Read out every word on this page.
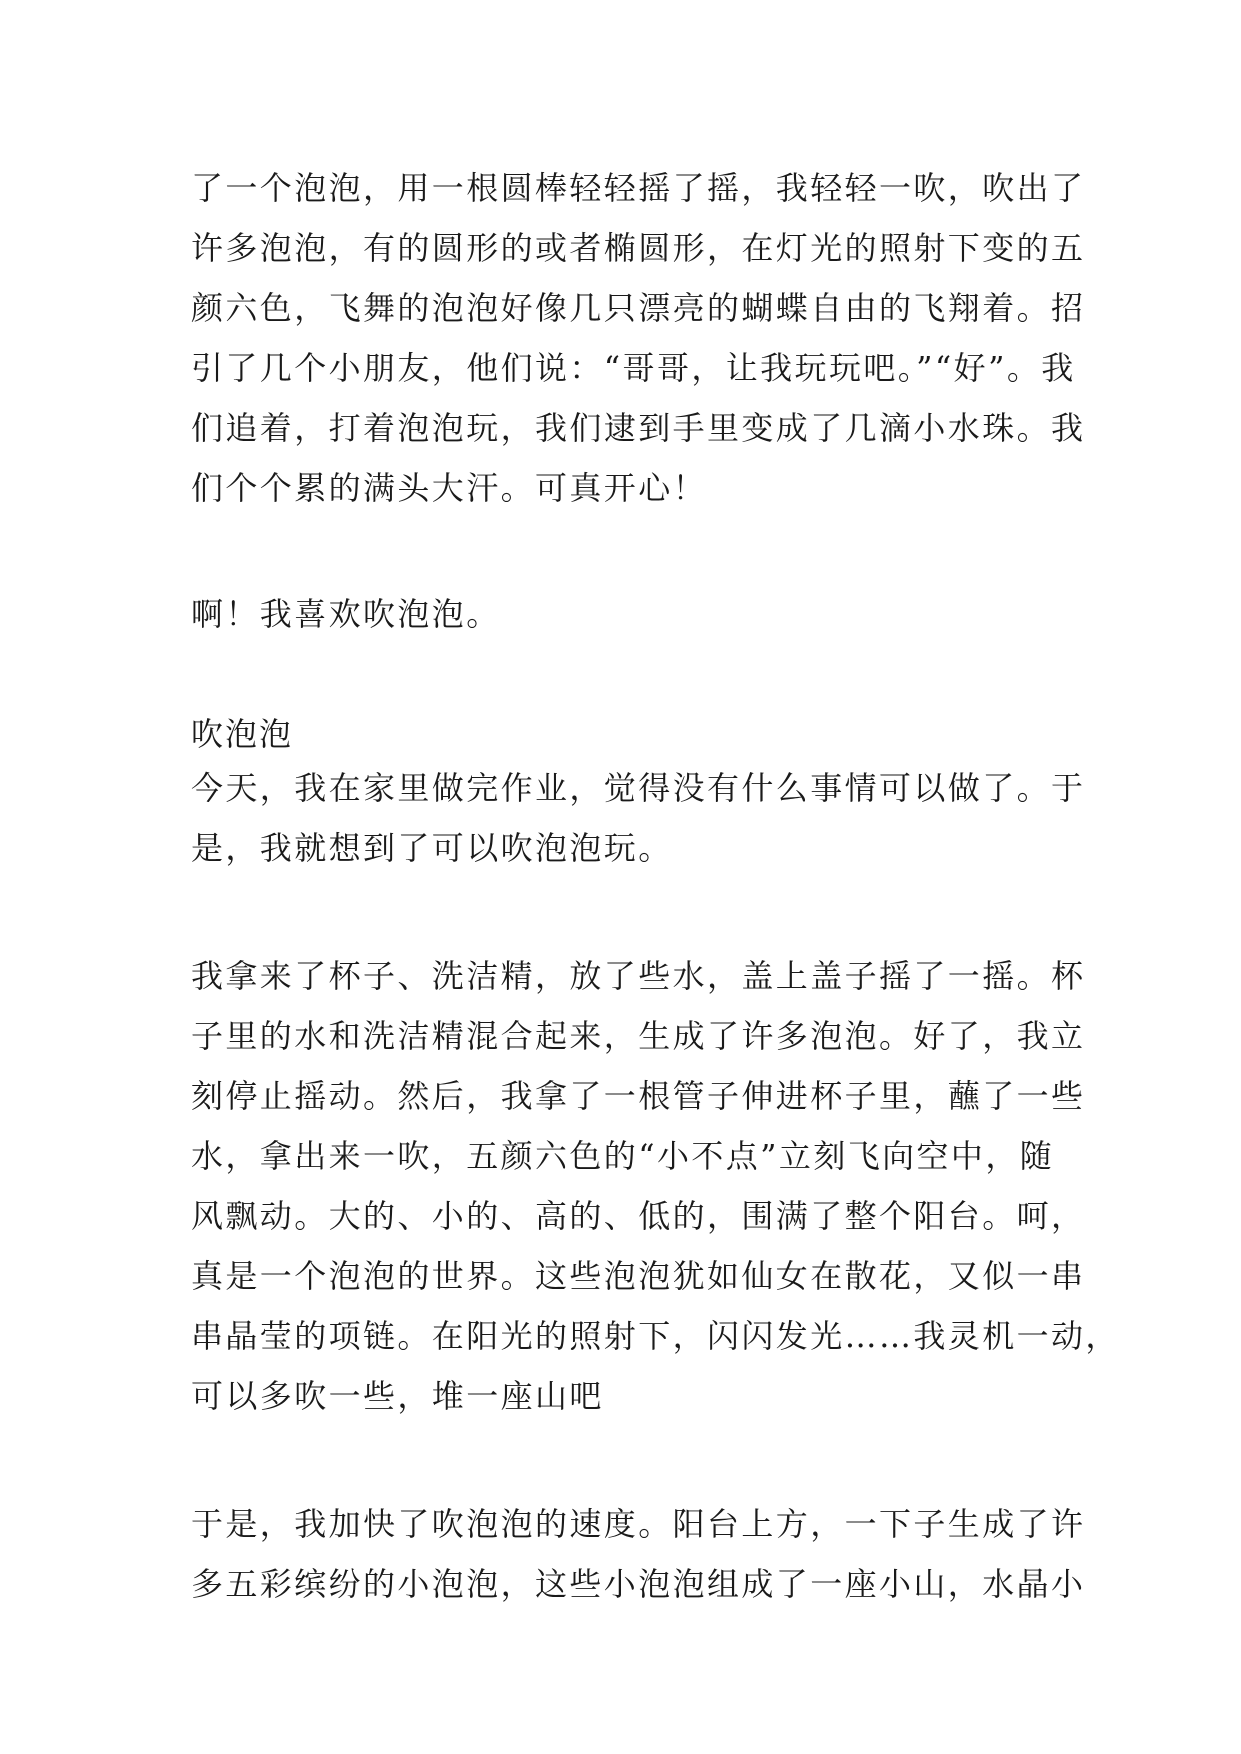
了一个泡泡，用一根圆棒轻轻摇了摇，我轻轻一吹，吹出了
许多泡泡，有的圆形的或者椭圆形，在灯光的照射下变的五
颜六色，飞舞的泡泡好像几只漂亮的蝴蝶自由的飞翔着。招
引了几个小朋友，他们说：“哥哥，让我玩玩吧。”“好”。我
们追着，打着泡泡玩，我们逮到手里变成了几滴小水珠。我
们个个累的满头大汗。可真开心！
啊！我喜欢吹泡泡。
吹泡泡
今天，我在家里做完作业，觉得没有什么事情可以做了。于
是，我就想到了可以吹泡泡玩。
我拿来了杯子、洗洁精，放了些水，盖上盖子摇了一摇。杯
子里的水和洗洁精混合起来，生成了许多泡泡。好了，我立
刻停止摇动。然后，我拿了一根管子伸进杯子里，蘸了一些
水，拿出来一吹，五颜六色的“小不点”立刻飞向空中，随
风飘动。大的、小的、高的、低的，围满了整个阳台。呵，
真是一个泡泡的世界。这些泡泡犹如仙女在散花，又似一串
串晶莹的项链。在阳光的照射下，闪闪发光……我灵机一动，
可以多吹一些，堆一座山吧
于是，我加快了吹泡泡的速度。阳台上方，一下子生成了许
多五彩缤纷的小泡泡，这些小泡泡组成了一座小山，水晶小
